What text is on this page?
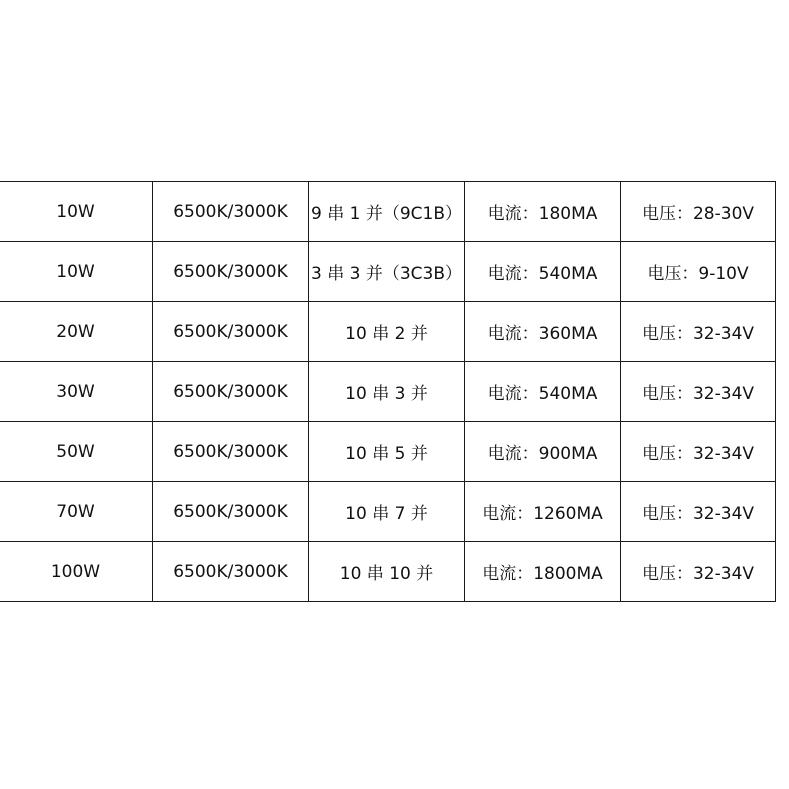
10W	6500K/3000K	9 串 1 并（9C1B）	电流：180MA	电压：28-30V
10W	6500K/3000K	3 串 3 并（3C3B）	电流：540MA	电压：9-10V
20W	6500K/3000K	10 串 2 并	电流：360MA	电压：32-34V
30W	6500K/3000K	10 串 3 并	电流：540MA	电压：32-34V
50W	6500K/3000K	10 串 5 并	电流：900MA	电压：32-34V
70W	6500K/3000K	10 串 7 并	电流：1260MA	电压：32-34V
100W	6500K/3000K	10 串 10 并	电流：1800MA	电压：32-34V
